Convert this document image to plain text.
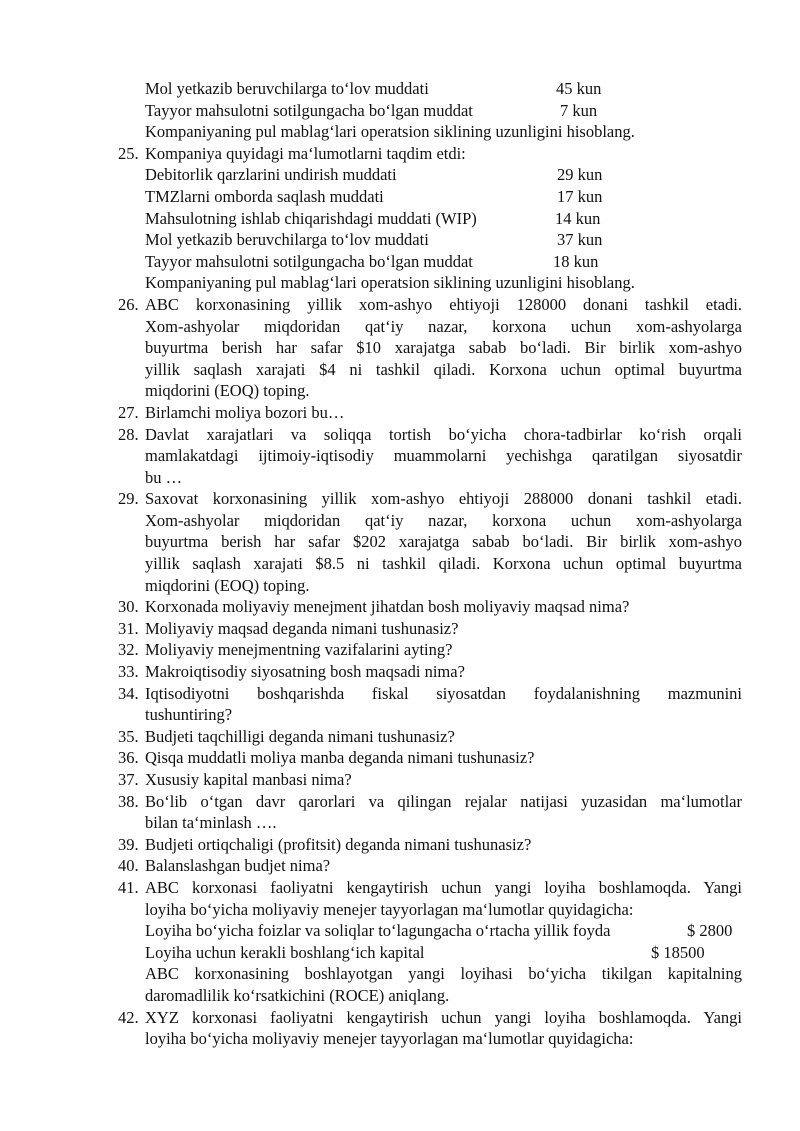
Mol yetkazib beruvchilarga to‘lov muddati	45 kun
Tayyor mahsulotni sotilgungacha bo‘lgan muddat	7 kun
Kompaniyaning pul mablag‘lari operatsion siklining uzunligini hisoblang.
25. Kompaniya quyidagi ma‘lumotlarni taqdim etdi:
Debitorlik qarzlarini undirish muddati	29 kun
TMZlarni omborda saqlash muddati	17 kun
Mahsulotning ishlab chiqarishdagi muddati (WIP)	14 kun
Mol yetkazib beruvchilarga to‘lov muddati	37 kun
Tayyor mahsulotni sotilgungacha bo‘lgan muddat	18 kun
Kompaniyaning pul mablag‘lari operatsion siklining uzunligini hisoblang.
26. ABC korxonasining yillik xom-ashyo ehtiyoji 128000 donani tashkil etadi.
Xom-ashyolar miqdoridan qat‘iy nazar, korxona uchun xom-ashyolarga
buyurtma berish har safar $10 xarajatga sabab bo‘ladi. Bir birlik xom-ashyo
yillik saqlash xarajati $4 ni tashkil qiladi. Korxona uchun optimal buyurtma
miqdorini (EOQ) toping.
27. Birlamchi moliya bozori bu…
28. Davlat xarajatlari va soliqqa tortish bo‘yicha chora-tadbirlar ko‘rish orqali
mamlakatdagi ijtimoiy-iqtisodiy muammolarni yechishga qaratilgan siyosatdir
bu …
29. Saxovat korxonasining yillik xom-ashyo ehtiyoji 288000 donani tashkil etadi.
Xom-ashyolar miqdoridan qat‘iy nazar, korxona uchun xom-ashyolarga
buyurtma berish har safar $202 xarajatga sabab bo‘ladi. Bir birlik xom-ashyo
yillik saqlash xarajati $8.5 ni tashkil qiladi. Korxona uchun optimal buyurtma
miqdorini (EOQ) toping.
30. Korxonada moliyaviy menejment jihatdan bosh moliyaviy maqsad nima?
31. Moliyaviy maqsad deganda nimani tushunasiz?
32. Moliyaviy menejmentning vazifalarini ayting?
33. Makroiqtisodiy siyosatning bosh maqsadi nima?
34. Iqtisodiyotni boshqarishda fiskal siyosatdan foydalanishning mazmunini
tushuntiring?
35. Budjeti taqchilligi deganda nimani tushunasiz?
36. Qisqa muddatli moliya manba deganda nimani tushunasiz?
37. Xususiy kapital manbasi nima?
38. Bo‘lib o‘tgan davr qarorlari va qilingan rejalar natijasi yuzasidan ma‘lumotlar
bilan ta‘minlash ….
39. Budjeti ortiqchaligi (profitsit) deganda nimani tushunasiz?
40. Balanslashgan budjet nima?
41. ABC korxonasi faoliyatni kengaytirish uchun yangi loyiha boshlamoqda. Yangi
loyiha bo‘yicha moliyaviy menejer tayyorlagan ma‘lumotlar quyidagicha:
Loyiha bo‘yicha foizlar va soliqlar to‘lagungacha o‘rtacha yillik foyda	$ 2800
Loyiha uchun kerakli boshlang‘ich kapital	$ 18500
ABC korxonasining boshlayotgan yangi loyihasi bo‘yicha tikilgan kapitalning
daromadlilik ko‘rsatkichini (ROCE) aniqlang.
42. XYZ korxonasi faoliyatni kengaytirish uchun yangi loyiha boshlamoqda. Yangi
loyiha bo‘yicha moliyaviy menejer tayyorlagan ma‘lumotlar quyidagicha:
